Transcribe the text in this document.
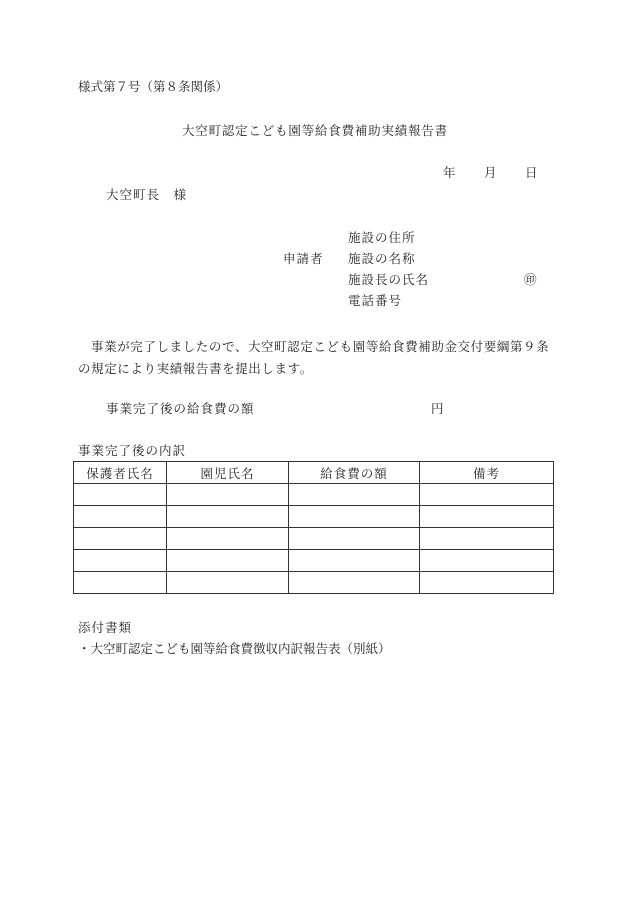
様式第７号（第８条関係）
大空町認定こども園等給食費補助実績報告書
年 月 日
大空町長　様
申請者
施設の住所
施設の名称
施設長の氏名	㊞
電話番号
事業が完了しましたので、大空町認定こども園等給食費補助金交付要綱第９条の規定により実績報告書を提出します。
事業完了後の給食費の額	円
事業完了後の内訳
保護者氏名	園児氏名	給食費の額	備考

添付書類
・大空町認定こども園等給食費徴収内訳報告表（別紙）
